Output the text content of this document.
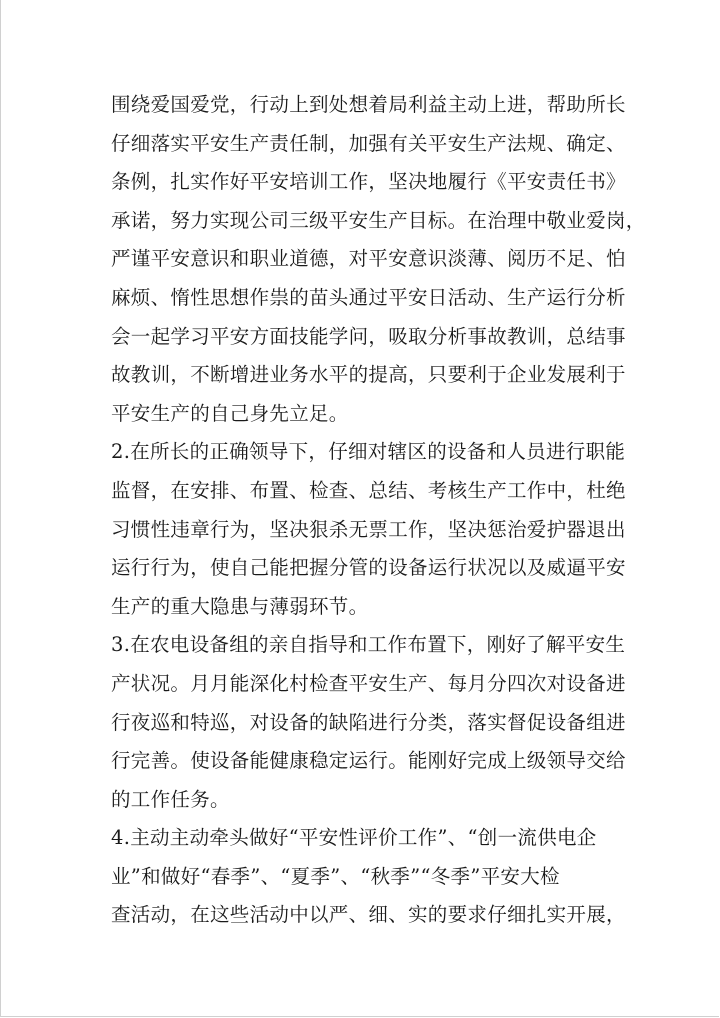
围绕爱国爱党，行动上到处想着局利益主动上进，帮助所长
仔细落实平安生产责任制，加强有关平安生产法规、确定、
条例，扎实作好平安培训工作，坚决地履行《平安责任书》
承诺，努力实现公司三级平安生产目标。在治理中敬业爱岗，
严谨平安意识和职业道德，对平安意识淡薄、阅历不足、怕
麻烦、惰性思想作祟的苗头通过平安日活动、生产运行分析
会一起学习平安方面技能学问，吸取分析事故教训，总结事
故教训，不断增进业务水平的提高，只要利于企业发展利于
平安生产的自己身先立足。
2.在所长的正确领导下，仔细对辖区的设备和人员进行职能
监督，在安排、布置、检查、总结、考核生产工作中，杜绝
习惯性违章行为，坚决狠杀无票工作，坚决惩治爱护器退出
运行行为，使自己能把握分管的设备运行状况以及威逼平安
生产的重大隐患与薄弱环节。
3.在农电设备组的亲自指导和工作布置下，刚好了解平安生
产状况。月月能深化村检查平安生产、每月分四次对设备进
行夜巡和特巡，对设备的缺陷进行分类，落实督促设备组进
行完善。使设备能健康稳定运行。能刚好完成上级领导交给
的工作任务。
4.主动主动牵头做好“平安性评价工作”、“创一流供电企
业”和做好“春季”、“夏季”、“秋季”“冬季”平安大检
查活动，在这些活动中以严、细、实的要求仔细扎实开展，
